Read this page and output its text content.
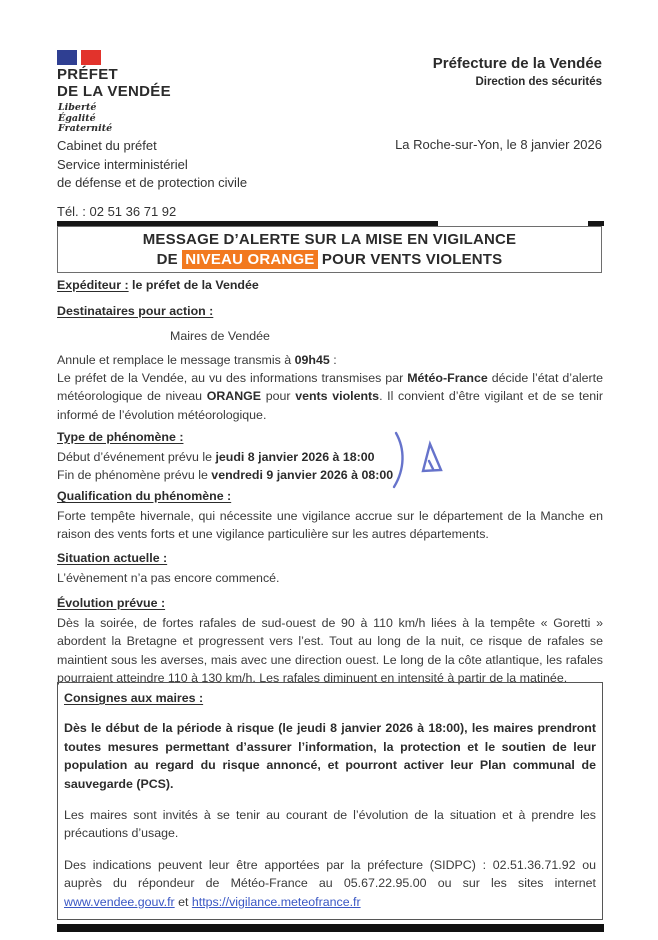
PRÉFET
DE LA VENDÉE
Liberté
Égalité
Fraternité
Préfecture de la Vendée
Direction des sécurités
La Roche-sur-Yon, le 8 janvier 2026
Cabinet du préfet
Service interministériel
de défense et de protection civile
Tél. : 02 51 36 71 92
MESSAGE D’ALERTE SUR LA MISE EN VIGILANCE
DE NIVEAU ORANGE POUR VENTS VIOLENTS
Expéditeur : le préfet de la Vendée
Destinataires pour action :
Maires de Vendée
Annule et remplace le message transmis à 09h45 :

Le préfet de la Vendée, au vu des informations transmises par Météo-France décide l’état d’alerte météorologique de niveau ORANGE pour vents violents. Il convient d’être vigilant et de se tenir informé de l’évolution météorologique.

Type de phénomène :
Début d’événement prévu le jeudi 8 janvier 2026 à 18:00
Fin de phénomène prévu le vendredi 9 janvier 2026 à 08:00
Qualification du phénomène :

Forte tempête hivernale, qui nécessite une vigilance accrue sur le département de la Manche en raison des vents forts et une vigilance particulière sur les autres départements.

Situation actuelle :
L’évènement n’a pas encore commencé.
Évolution prévue :

Dès la soirée, de fortes rafales de sud-ouest de 90 à 110 km/h liées à la tempête « Goretti » abordent la Bretagne et progressent vers l’est. Tout au long de la nuit, ce risque de rafales se maintient sous les averses, mais avec une direction ouest. Le long de la côte atlantique, les rafales pourraient atteindre 110 à 130 km/h. Les rafales diminuent en intensité à partir de la matinée.

Consignes aux maires :

Dès le début de la période à risque (le jeudi 8 janvier 2026 à 18:00), les maires prendront toutes mesures permettant d’assurer l’information, la protection et le soutien de leur population au regard du risque annoncé, et pourront activer leur Plan communal de sauvegarde (PCS).

Les maires sont invités à se tenir au courant de l’évolution de la situation et à prendre les précautions d’usage.

Des indications peuvent leur être apportées par la préfecture (SIDPC) : 02.51.36.71.92 ou auprès du répondeur de Météo-France au 05.67.22.95.00 ou sur les sites internet www.vendee.gouv.fr et https://vigilance.meteofrance.fr
